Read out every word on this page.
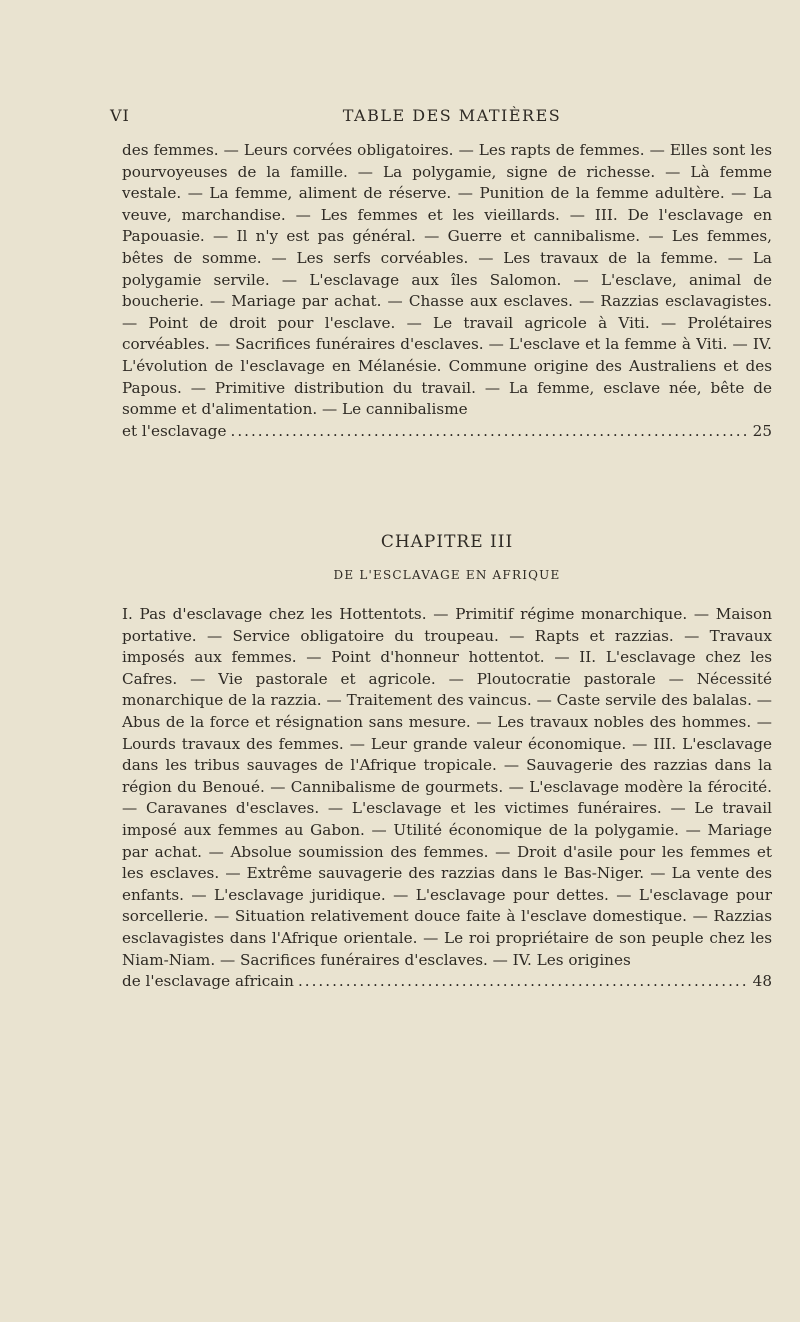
VI	TABLE DES MATIÈRES
des femmes. — Leurs corvées obligatoires. — Les rapts de femmes. — Elles sont les pourvoyeuses de la famille. — La polygamie, signe de richesse. — Là femme vestale. — La femme, aliment de réserve. — Punition de la femme adultère. — La veuve, marchandise. — Les femmes et les vieillards. — III. De l'esclavage en Papouasie. — Il n'y est pas général. — Guerre et cannibalisme. — Les femmes, bêtes de somme. — Les serfs corvéables. — Les travaux de la femme. — La polygamie servile. — L'esclavage aux îles Salomon. — L'esclave, animal de boucherie. — Mariage par achat. — Chasse aux esclaves. — Razzias esclavagistes. — Point de droit pour l'esclave. — Le travail agricole à Viti. — Prolétaires corvéables. — Sacrifices funéraires d'esclaves. — L'esclave et la femme à Viti. — IV. L'évolution de l'esclavage en Mélanésie. Commune origine des Australiens et des Papous. — Primitive distribution du travail. — La femme, esclave née, bête de somme et d'alimentation. — Le cannibalisme
et l'esclavage .....	25
CHAPITRE III
DE L'ESCLAVAGE EN AFRIQUE
I. Pas d'esclavage chez les Hottentots. — Primitif régime monarchique. — Maison portative. — Service obligatoire du troupeau. — Rapts et razzias. — Travaux imposés aux femmes. — Point d'honneur hottentot. — II. L'esclavage chez les Cafres. — Vie pastorale et agricole. — Ploutocratie pastorale — Nécessité monarchique de la razzia. — Traitement des vaincus. — Caste servile des balalas. — Abus de la force et résignation sans mesure. — Les travaux nobles des hommes. — Lourds travaux des femmes. — Leur grande valeur économique. — III. L'esclavage dans les tribus sauvages de l'Afrique tropicale. — Sauvagerie des razzias dans la région du Benoué. — Cannibalisme de gourmets. — L'esclavage modère la férocité. — Caravanes d'esclaves. — L'esclavage et les victimes funéraires. — Le travail imposé aux femmes au Gabon. — Utilité économique de la polygamie. — Mariage par achat. — Absolue soumission des femmes. — Droit d'asile pour les femmes et les esclaves. — Extrême sauvagerie des razzias dans le Bas-Niger. — La vente des enfants. — L'esclavage juridique. — L'esclavage pour dettes. — L'esclavage pour sorcellerie. — Situation relativement douce faite à l'esclave domestique. — Razzias esclavagistes dans l'Afrique orientale. — Le roi propriétaire de son peuple chez les Niam-Niam. — Sacrifices funéraires d'esclaves. — IV. Les origines
de l'esclavage africain .....	48
